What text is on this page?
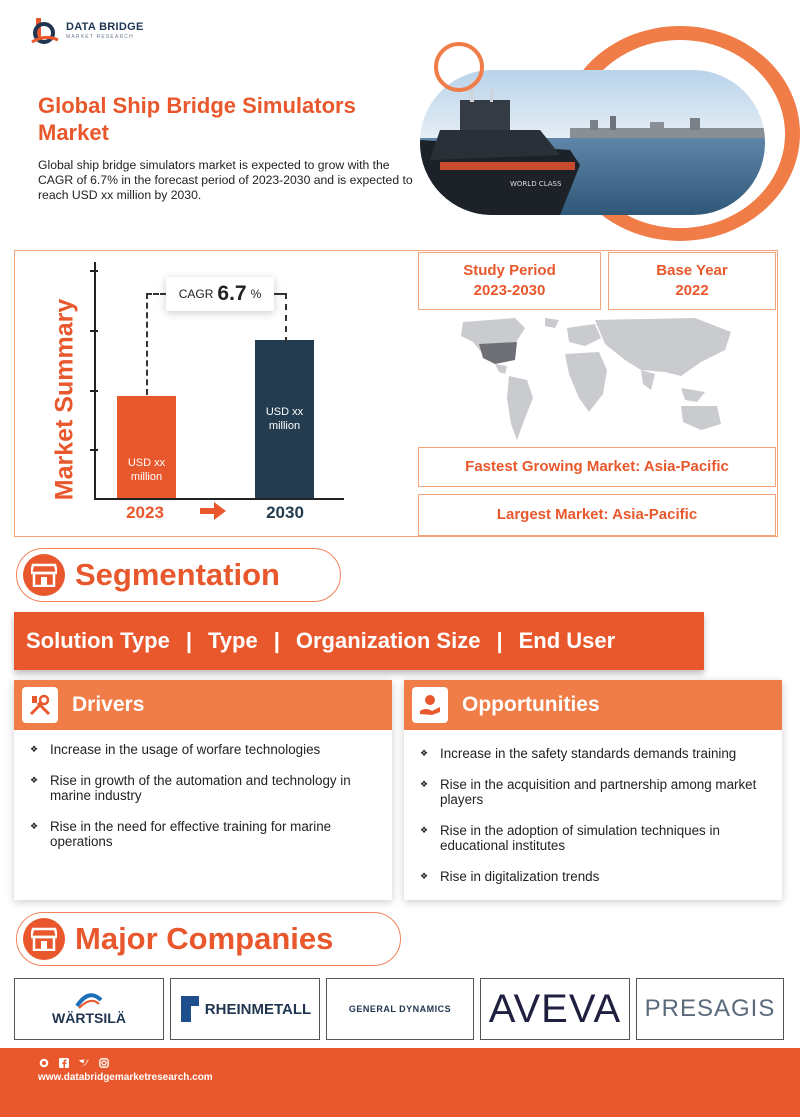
DATA BRIDGE
MARKET RESEARCH
Global Ship Bridge Simulators Market
Global ship bridge simulators market is expected to grow with the CAGR of 6.7% in the forecast period of 2023-2030 and is expected to reach USD xx million by 2030.
WORLD CLASS
Market Summary	USD xx million
USD xx million
CAGR 6.7 %
2023	2030
Study Period
2023-2030
Base Year
2022
Fastest Growing Market: Asia-Pacific
Largest Market: Asia-Pacific
Segmentation
Solution Type | Type | Organization Size | End User
Drivers
❖ Increase in the usage of worfare technologies
❖ Rise in growth of the automation and technology in marine industry
❖ Rise in the need for effective training for marine operations
Opportunities
❖ Increase in the safety standards demands training
❖ Rise in the acquisition and partnership among market players
❖ Rise in the adoption of simulation techniques in educational institutes
❖ Rise in digitalization trends
Major Companies
WÄRTSILÄ
RHEINMETALL	GENERAL DYNAMICS AVEVA PRESAGIS
www.databridgemarketresearch.com
